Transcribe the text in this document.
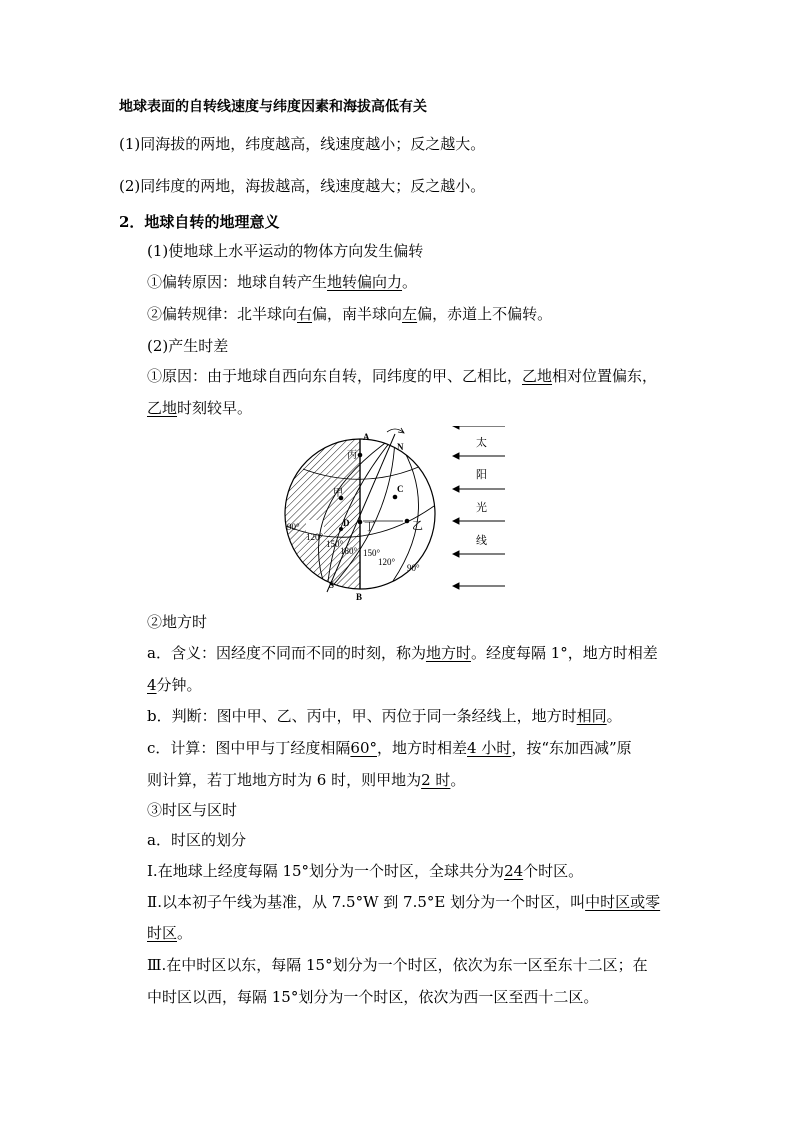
地球表面的自转线速度与纬度因素和海拔高低有关
(1)同海拔的两地，纬度越高，线速度越小；反之越大。
(2)同纬度的两地，海拔越高，线速度越大；反之越小。
2．地球自转的地理意义
(1)使地球上水平运动的物体方向发生偏转
①偏转原因：地球自转产生地转偏向力。
②偏转规律：北半球向右偏，南半球向左偏，赤道上不偏转。
(2)产生时差
①原因：由于地球自西向东自转，同纬度的甲、乙相比，乙地相对位置偏东，
乙地时刻较早。
A
N
S
B
C
D
丙
甲
丁	乙
90°
120°
150°
180° 150°
120°
90°
太
阳
光
线
②地方时
a．含义：因经度不同而不同的时刻，称为地方时。经度每隔 1°，地方时相差
4分钟。
b．判断：图中甲、乙、丙中，甲、丙位于同一条经线上，地方时相同。
c．计算：图中甲与丁经度相隔60°，地方时相差4 小时，按“东加西减”原
则计算，若丁地地方时为 6 时，则甲地为2 时。
③时区与区时
a．时区的划分
Ⅰ.在地球上经度每隔 15°划分为一个时区，全球共分为24个时区。
Ⅱ.以本初子午线为基准，从 7.5°W 到 7.5°E 划分为一个时区，叫中时区或零
时区。
Ⅲ.在中时区以东，每隔 15°划分为一个时区，依次为东一区至东十二区；在
中时区以西，每隔 15°划分为一个时区，依次为西一区至西十二区。
